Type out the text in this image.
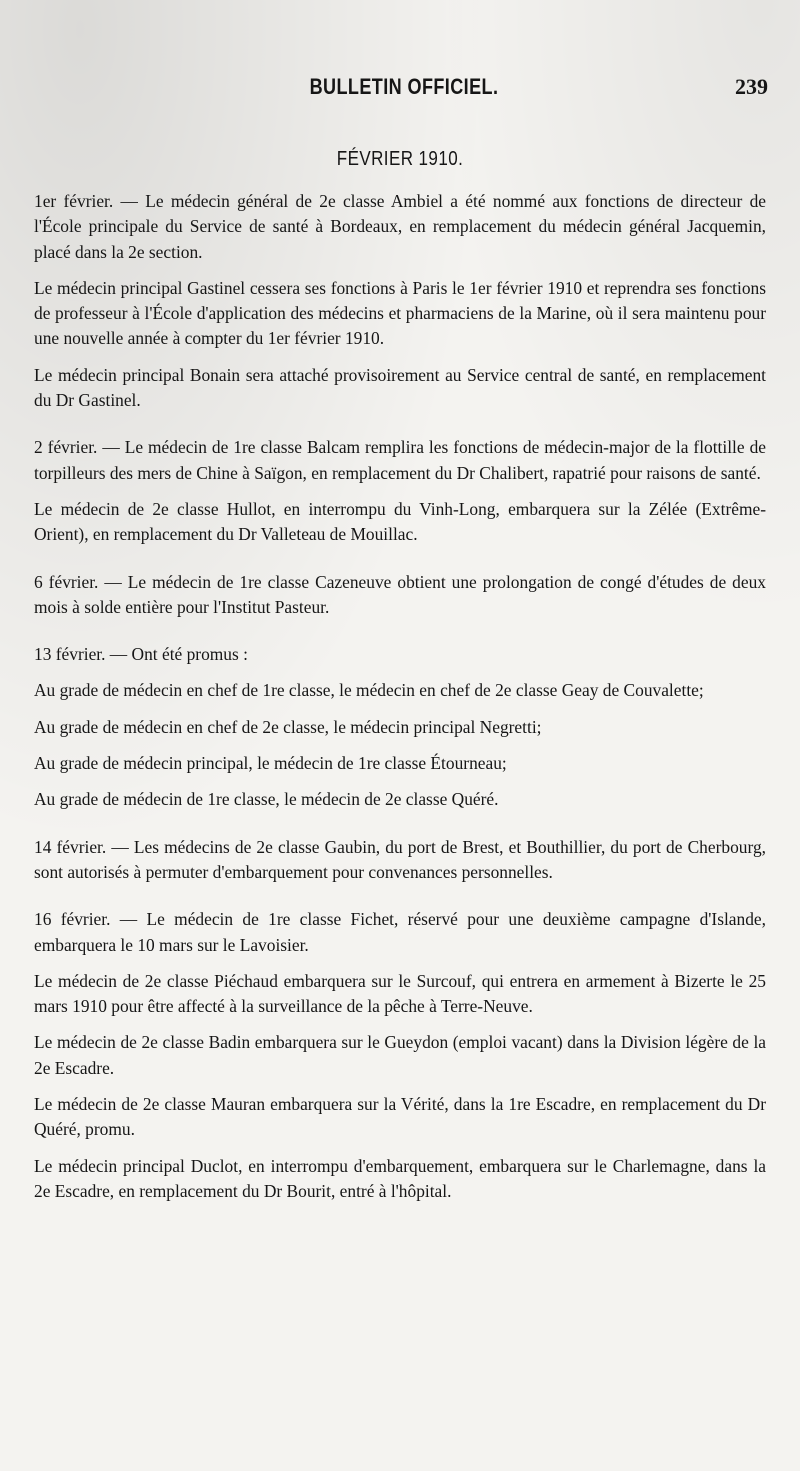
BULLETIN OFFICIEL.	239
FÉVRIER 1910.

1er février. — Le médecin général de 2e classe Ambiel a été nommé aux fonctions de directeur de l'École principale du Service de santé à Bordeaux, en remplacement du médecin général Jacquemin, placé dans la 2e section.

Le médecin principal Gastinel cessera ses fonctions à Paris le 1er février 1910 et reprendra ses fonctions de professeur à l'École d'application des médecins et pharmaciens de la Marine, où il sera maintenu pour une nouvelle année à compter du 1er février 1910.

Le médecin principal Bonain sera attaché provisoirement au Service central de santé, en remplacement du Dr Gastinel.

2 février. — Le médecin de 1re classe Balcam remplira les fonctions de médecin-major de la flottille de torpilleurs des mers de Chine à Saïgon, en remplacement du Dr Chalibert, rapatrié pour raisons de santé.

Le médecin de 2e classe Hullot, en interrompu du Vinh-Long, embarquera sur la Zélée (Extrême-Orient), en remplacement du Dr Valleteau de Mouillac.

6 février. — Le médecin de 1re classe Cazeneuve obtient une prolongation de congé d'études de deux mois à solde entière pour l'Institut Pasteur.

13 février. — Ont été promus :

Au grade de médecin en chef de 1re classe, le médecin en chef de 2e classe Geay de Couvalette;

Au grade de médecin en chef de 2e classe, le médecin principal Negretti;

Au grade de médecin principal, le médecin de 1re classe Étourneau;

Au grade de médecin de 1re classe, le médecin de 2e classe Quéré.

14 février. — Les médecins de 2e classe Gaubin, du port de Brest, et Bouthillier, du port de Cherbourg, sont autorisés à permuter d'embarquement pour convenances personnelles.

16 février. — Le médecin de 1re classe Fichet, réservé pour une deuxième campagne d'Islande, embarquera le 10 mars sur le Lavoisier.

Le médecin de 2e classe Piéchaud embarquera sur le Surcouf, qui entrera en armement à Bizerte le 25 mars 1910 pour être affecté à la surveillance de la pêche à Terre-Neuve.

Le médecin de 2e classe Badin embarquera sur le Gueydon (emploi vacant) dans la Division légère de la 2e Escadre.

Le médecin de 2e classe Mauran embarquera sur la Vérité, dans la 1re Escadre, en remplacement du Dr Quéré, promu.

Le médecin principal Duclot, en interrompu d'embarquement, embarquera sur le Charlemagne, dans la 2e Escadre, en remplacement du Dr Bourit, entré à l'hôpital.
